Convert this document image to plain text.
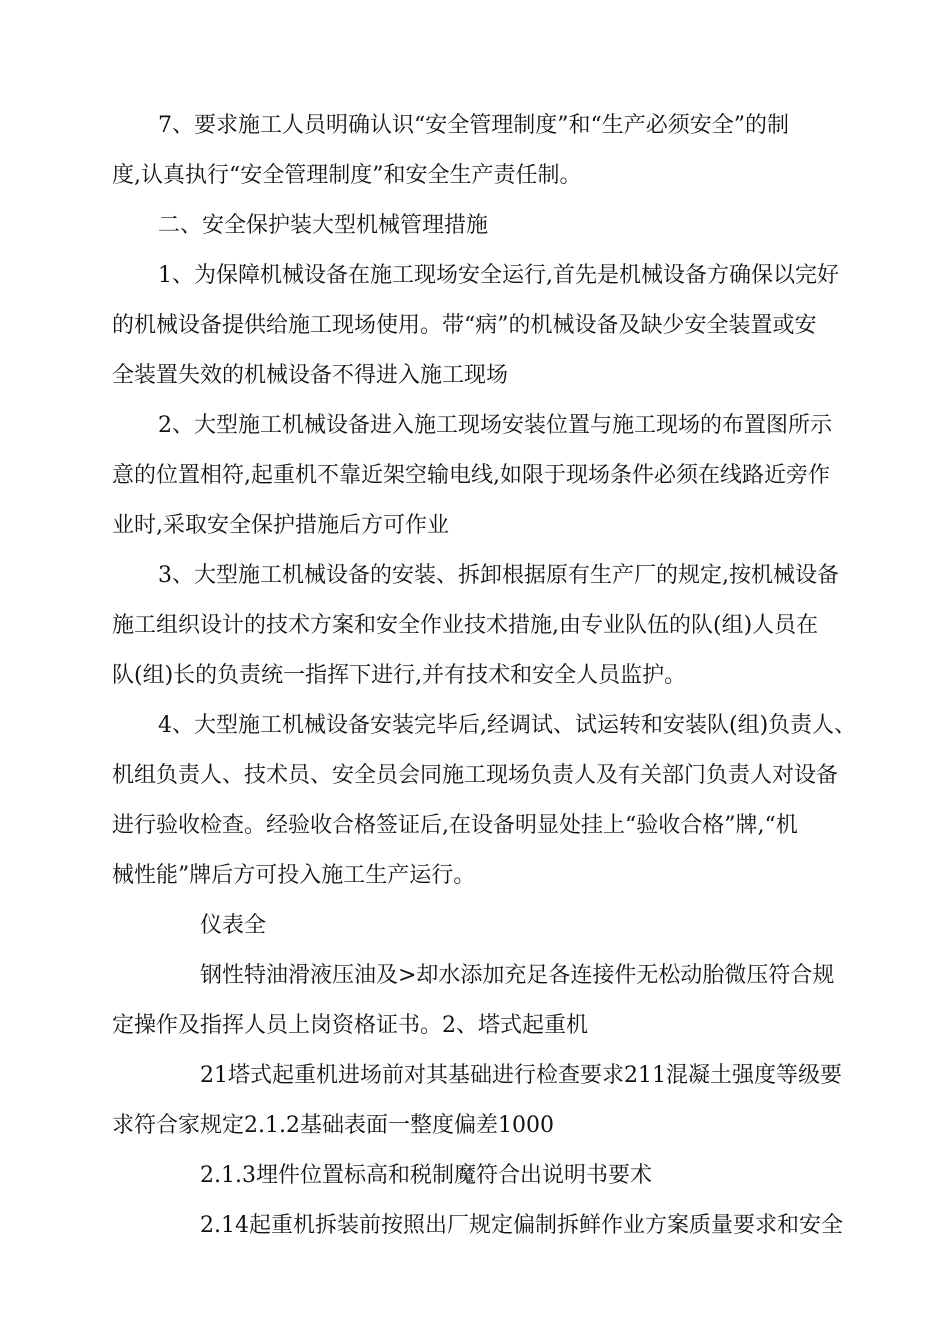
7、要求施工人员明确认识“安全管理制度”和“生产必须安全”的制

度,认真执行“安全管理制度”和安全生产责任制。

二、安全保护装大型机械管理措施

1、为保障机械设备在施工现场安全运行,首先是机械设备方确保以完好

的机械设备提供给施工现场使用。带“病”的机械设备及缺少安全装置或安

全装置失效的机械设备不得进入施工现场

2、大型施工机械设备进入施工现场安装位置与施工现场的布置图所示

意的位置相符,起重机不靠近架空输电线,如限于现场条件必须在线路近旁作

业时,采取安全保护措施后方可作业

3、大型施工机械设备的安装、拆卸根据原有生产厂的规定,按机械设备

施工组织设计的技术方案和安全作业技术措施,由专业队伍的队(组)人员在

队(组)长的负责统一指挥下进行,并有技术和安全人员监护。

4、大型施工机械设备安装完毕后,经调试、试运转和安装队(组)负责人、

机组负责人、技术员、安全员会同施工现场负责人及有关部门负责人对设备

进行验收检查。经验收合格签证后,在设备明显处挂上“验收合格”牌,“机

械性能”牌后方可投入施工生产运行。

仪表全

钢性特油滑液压油及>却水添加充足各连接件无松动胎微压符合规

定操作及指挥人员上岗资格证书。2、塔式起重机

21塔式起重机进场前对其基础进行检查要求211混凝土强度等级要

求符合家规定2.1.2基础表面一整度偏差1000

2.1.3埋件位置标高和税制魔符合出说明书要术

2.14起重机拆装前按照出厂规定偏制拆鲜作业方案质量要求和安全
